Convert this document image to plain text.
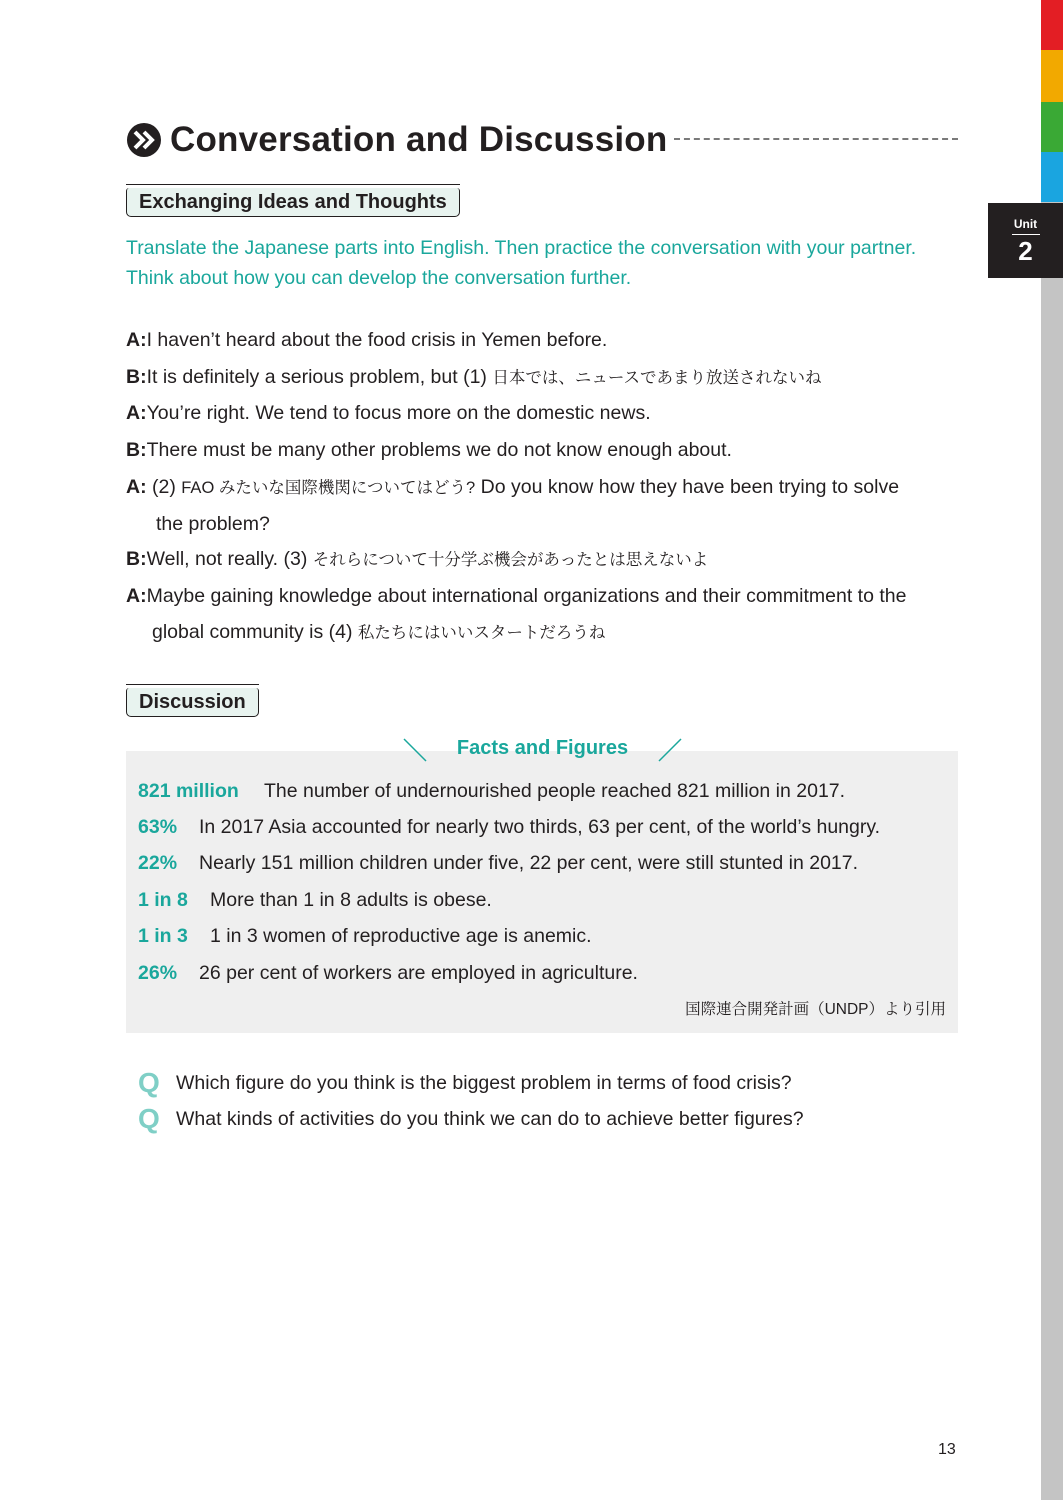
Unit
2
Conversation and Discussion
Exchanging Ideas and Thoughts
Translate the Japanese parts into English. Then practice the conversation with your partner.
Think about how you can develop the conversation further.
A:I haven’t heard about the food crisis in Yemen before.
B:It is definitely a serious problem, but (1) 日本では、ニュースであまり放送されないね
A:You’re right. We tend to focus more on the domestic news.
B:There must be many other problems we do not know enough about.
A: (2) FAO みたいな国際機関についてはどう? Do you know how they have been trying to solve
the problem?
B:Well, not really. (3) それらについて十分学ぶ機会があったとは思えないよ
A:Maybe gaining knowledge about international organizations and their commitment to the
global community is (4) 私たちにはいいスタートだろうね
Discussion
821 million The number of undernourished people reached 821 million in 2017.
63% In 2017 Asia accounted for nearly two thirds, 63 per cent, of the world’s hungry.
22% Nearly 151 million children under five, 22 per cent, were still stunted in 2017.
1 in 8 More than 1 in 8 adults is obese.
1 in 3 1 in 3 women of reproductive age is anemic.
26% 26 per cent of workers are employed in agriculture.
国際連合開発計画（UNDP）より引用
Facts and Figures
Q Which figure do you think is the biggest problem in terms of food crisis?
Q What kinds of activities do you think we can do to achieve better figures?
13
